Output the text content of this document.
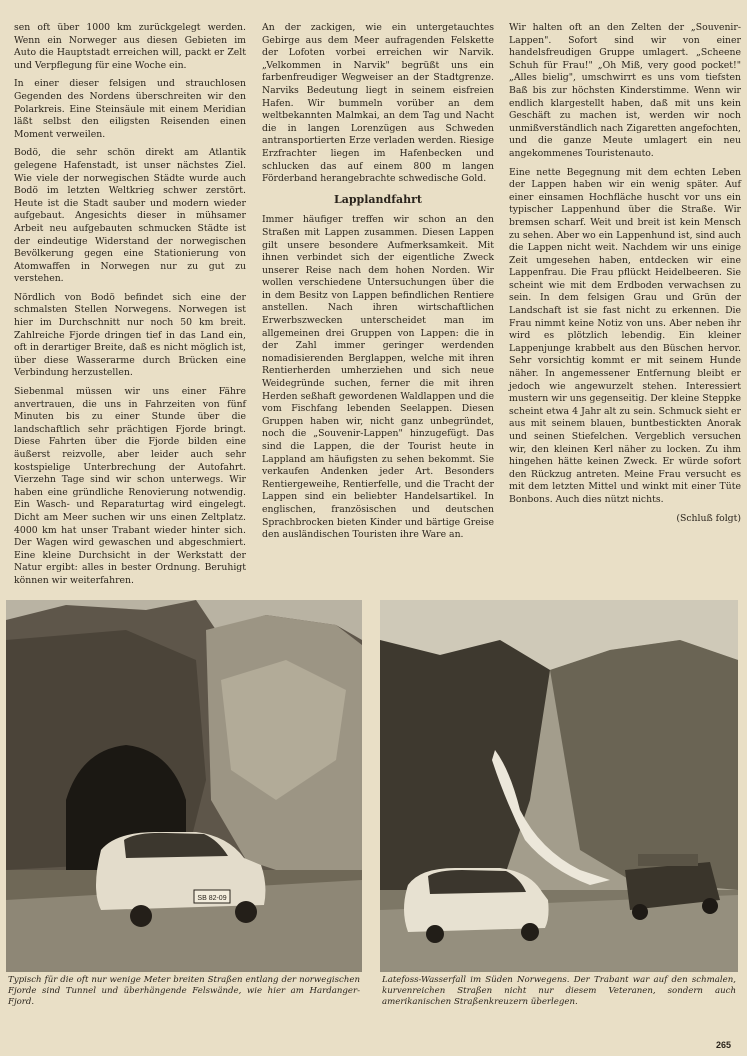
sen oft über 1000 km zurückgelegt werden. Wenn ein Norweger aus diesen Gebieten im Auto die Hauptstadt erreichen will, packt er Zelt und Verpflegung für eine Woche ein.

In einer dieser felsigen und strauchlosen Gegenden des Nordens überschreiten wir den Polarkreis. Eine Steinsäule mit einem Meridian läßt selbst den eiligsten Reisenden einen Moment verweilen.

Bodö, die sehr schön direkt am Atlantik gelegene Hafenstadt, ist unser nächstes Ziel. Wie viele der norwegischen Städte wurde auch Bodö im letzten Weltkrieg schwer zerstört. Heute ist die Stadt sauber und modern wieder aufgebaut. Angesichts dieser in mühsamer Arbeit neu aufgebauten schmucken Städte ist der eindeutige Widerstand der norwegischen Bevölkerung gegen eine Stationierung von Atomwaffen in Norwegen nur zu gut zu verstehen.

Nördlich von Bodö befindet sich eine der schmalsten Stellen Norwegens. Norwegen ist hier im Durchschnitt nur noch 50 km breit. Zahlreiche Fjorde dringen tief in das Land ein, oft in derartiger Breite, daß es nicht möglich ist, über diese Wasserarme durch Brücken eine Verbindung herzustellen.

Siebenmal müssen wir uns einer Fähre anvertrauen, die uns in Fahrzeiten von fünf Minuten bis zu einer Stunde über die landschaftlich sehr prächtigen Fjorde bringt. Diese Fahrten über die Fjorde bilden eine äußerst reizvolle, aber leider auch sehr kostspielige Unterbrechung der Autofahrt. Vierzehn Tage sind wir schon unterwegs. Wir haben eine gründliche Renovierung notwendig. Ein Wasch- und Reparaturtag wird eingelegt. Dicht am Meer suchen wir uns einen Zeltplatz. 4000 km hat unser Trabant wieder hinter sich. Der Wagen wird gewaschen und abgeschmiert. Eine kleine Durchsicht in der Werkstatt der Natur ergibt: alles in bester Ordnung. Beruhigt können wir weiterfahren.

An der zackigen, wie ein untergetauchtes Gebirge aus dem Meer aufragenden Felskette der Lofoten vorbei erreichen wir Narvik. „Velkommen in Narvik" begrüßt uns ein farbenfreudiger Wegweiser an der Stadtgrenze. Narviks Bedeutung liegt in seinem eisfreien Hafen. Wir bummeln vorüber an dem weltbekannten Malmkai, an dem Tag und Nacht die in langen Lorenzügen aus Schweden antransportierten Erze verladen werden. Riesige Erzfrachter liegen im Hafenbecken und schlucken das auf einem 800 m langen Förderband herangebrachte schwedische Gold.

Lapplandfahrt

Immer häufiger treffen wir schon an den Straßen mit Lappen zusammen. Diesen Lappen gilt unsere besondere Aufmerksamkeit. Mit ihnen verbindet sich der eigentliche Zweck unserer Reise nach dem hohen Norden. Wir wollen verschiedene Untersuchungen über die in dem Besitz von Lappen befindlichen Rentiere anstellen. Nach ihren wirtschaftlichen Erwerbszwecken unterscheidet man im allgemeinen drei Gruppen von Lappen: die in der Zahl immer geringer werdenden nomadisierenden Berglappen, welche mit ihren Rentierherden umherziehen und sich neue Weidegründe suchen, ferner die mit ihren Herden seßhaft gewordenen Waldlappen und die vom Fischfang lebenden Seelappen. Diesen Gruppen haben wir, nicht ganz unbegründet, noch die „Souvenir-Lappen" hinzugefügt. Das sind die Lappen, die der Tourist heute in Lappland am häufigsten zu sehen bekommt. Sie verkaufen Andenken jeder Art. Besonders Rentiergeweihe, Rentierfelle, und die Tracht der Lappen sind ein beliebter Handelsartikel. In englischen, französischen und deutschen Sprachbrocken bieten Kinder und bärtige Greise den ausländischen Touristen ihre Ware an.

Wir halten oft an den Zelten der „Souvenir-Lappen". Sofort sind wir von einer handelsfreudigen Gruppe umlagert. „Scheene Schuh für Frau!" „Oh Miß, very good pocket!" „Alles bielig", umschwirrt es uns vom tiefsten Baß bis zur höchsten Kinderstimme. Wenn wir endlich klargestellt haben, daß mit uns kein Geschäft zu machen ist, werden wir noch unmißverständlich nach Zigaretten angefochten, und die ganze Meute umlagert ein neu angekommenes Touristenauto.

Eine nette Begegnung mit dem echten Leben der Lappen haben wir ein wenig später. Auf einer einsamen Hochfläche huscht vor uns ein typischer Lappenhund über die Straße. Wir bremsen scharf. Weit und breit ist kein Mensch zu sehen. Aber wo ein Lappenhund ist, sind auch die Lappen nicht weit. Nachdem wir uns einige Zeit umgesehen haben, entdecken wir eine Lappenfrau. Die Frau pflückt Heidelbeeren. Sie scheint wie mit dem Erdboden verwachsen zu sein. In dem felsigen Grau und Grün der Landschaft ist sie fast nicht zu erkennen. Die Frau nimmt keine Notiz von uns. Aber neben ihr wird es plötzlich lebendig. Ein kleiner Lappenjunge krabbelt aus den Büschen hervor. Sehr vorsichtig kommt er mit seinem Hunde näher. In angemessener Entfernung bleibt er jedoch wie angewurzelt stehen. Interessiert mustern wir uns gegenseitig. Der kleine Steppke scheint etwa 4 Jahr alt zu sein. Schmuck sieht er aus mit seinem blauen, buntbestickten Anorak und seinen Stiefelchen. Vergeblich versuchen wir, den kleinen Kerl näher zu locken. Zu ihm hingehen hätte keinen Zweck. Er würde sofort den Rückzug antreten. Meine Frau versucht es mit dem letzten Mittel und winkt mit einer Tüte Bonbons. Auch dies nützt nichts.

(Schluß folgt)
SB 82-09
Typisch für die oft nur wenige Meter breiten Straßen entlang der norwegischen Fjorde sind Tunnel und überhängende Felswände, wie hier am Hardanger-Fjord.
Latefoss-Wasserfall im Süden Norwegens. Der Trabant war auf den schmalen, kurvenreichen Straßen nicht nur diesem Veteranen, sondern auch amerikanischen Straßenkreuzern überlegen.
265
